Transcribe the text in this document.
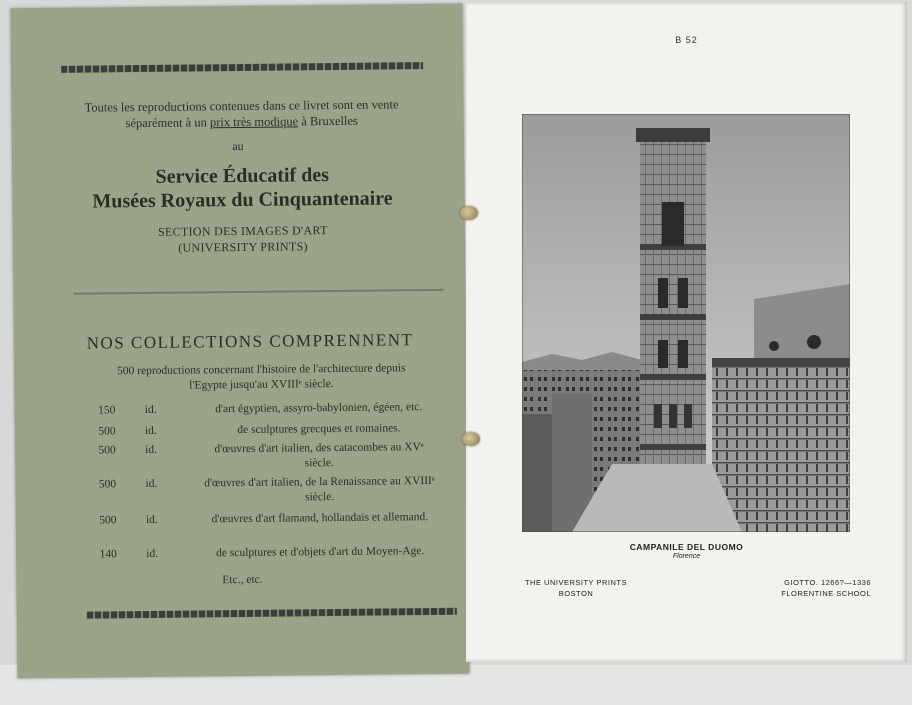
Toutes les reproductions contenues dans ce livret sont en vente
séparément à un prix très modique à Bruxelles
au
Service Éducatif des
Musées Royaux du Cinquantenaire
SECTION DES IMAGES D'ART
(UNIVERSITY PRINTS)
NOS COLLECTIONS COMPRENNENT
500 reproductions concernant l'histoire de l'architecture depuis
l'Egypte jusqu'au XVIIIᵉ siècle.
150	id.	d'art égyptien, assyro-babylonien, égéen, etc.
500	id.	de sculptures grecques et romaines.
500	id.	d'œuvres d'art italien, des catacombes au XVᵉ siècle.
500	id.	d'œuvres d'art italien, de la Renaissance au XVIIIᵉ siècle.
500	id.	d'œuvres d'art flamand, hollandais et allemand.
140	id.	de sculptures et d'objets d'art du Moyen-Age.
Etc., etc.
B 52
CAMPANILE DEL DUOMO
Florence
THE UNIVERSITY PRINTS
BOSTON
GIOTTO. 1266?—1336
FLORENTINE SCHOOL
